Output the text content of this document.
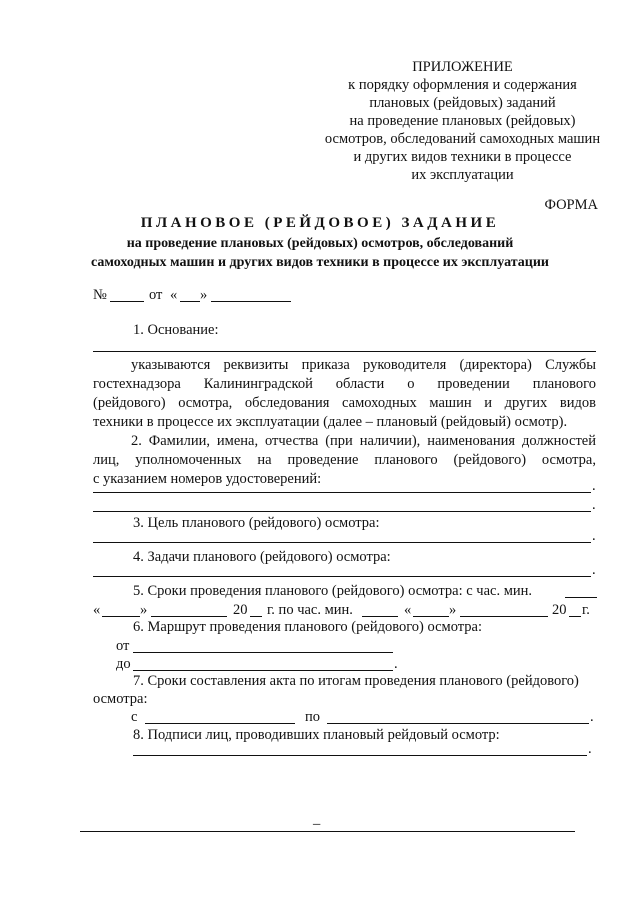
ПРИЛОЖЕНИЕ
к порядку оформления и содержания
плановых (рейдовых) заданий
на проведение плановых (рейдовых)
осмотров, обследований самоходных машин
и других видов техники в процессе
их эксплуатации
ФОРМА
ПЛАНОВОЕ (РЕЙДОВОЕ) ЗАДАНИЕ
на проведение плановых (рейдовых) осмотров, обследований
самоходных машин и других видов техники в процессе их эксплуатации
№	от « »
1. Основание:
указываются реквизиты приказа руководителя (директора) Службы
гостехнадзора Калининградской области о проведении планового
(рейдового) осмотра, обследования самоходных машин и других видов
техники в процессе их эксплуатации (далее – плановый (рейдовый) осмотр).
2. Фамилии, имена, отчества (при наличии), наименования должностей
лиц, уполномоченных на проведение планового (рейдового) осмотра,
с указанием номеров удостоверений:	.
.
3. Цель планового (рейдового) осмотра:
.
4. Задачи планового (рейдового) осмотра:
.
5. Сроки проведения планового (рейдового) осмотра: с час. мин.
«	»	20 г. по час. мин.	«	»	20 г.
6. Маршрут проведения планового (рейдового) осмотра:
от
до	.
7. Сроки составления акта по итогам проведения планового (рейдового)
осмотра:
с	по	.
8. Подписи лиц, проводивших плановый рейдовый осмотр:
.
–
